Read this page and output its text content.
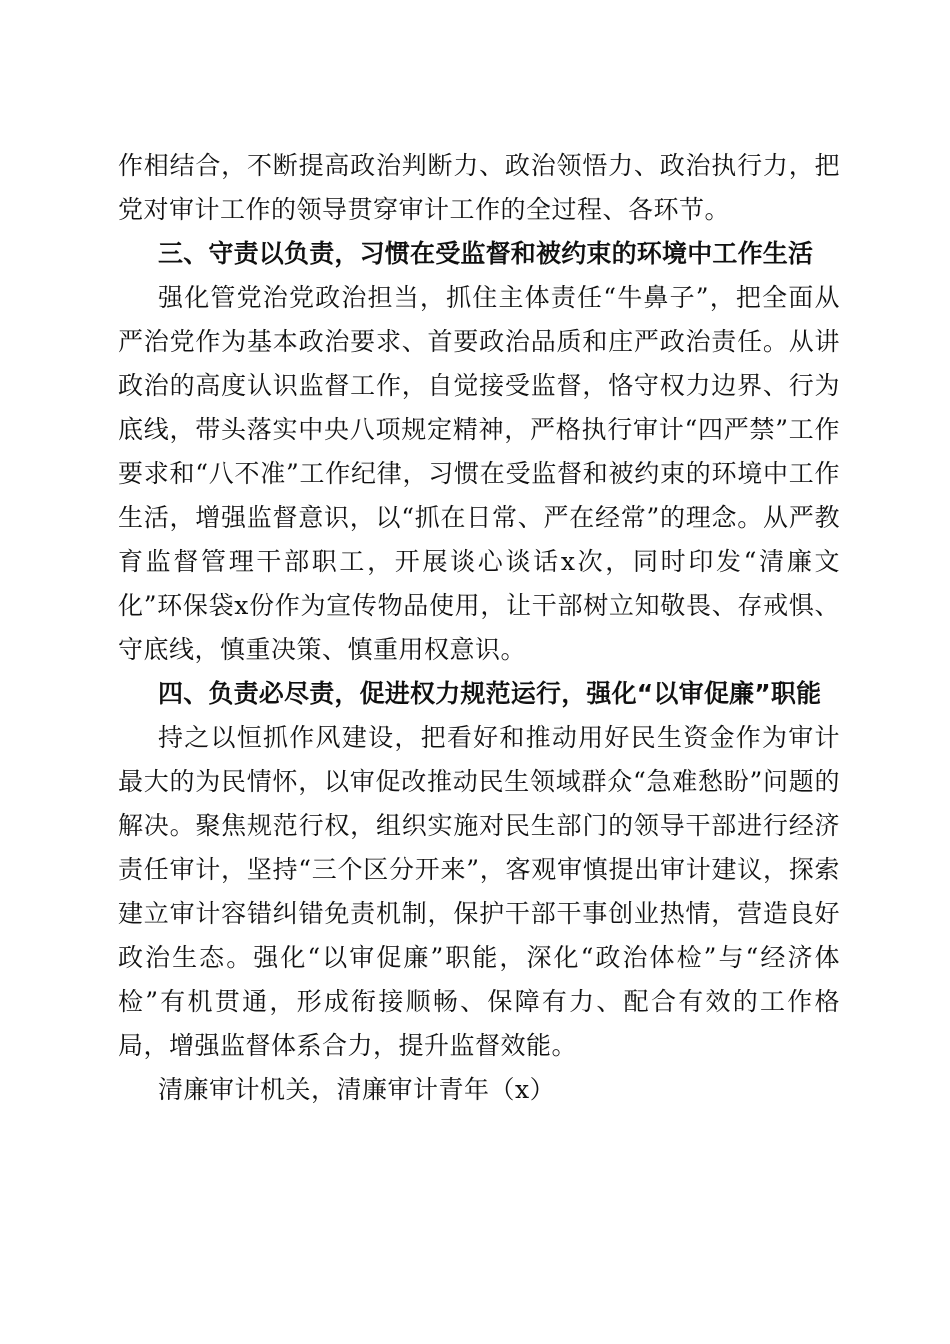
作相结合，不断提高政治判断力、政治领悟力、政治执行力，把党对审计工作的领导贯穿审计工作的全过程、各环节。

三、守责以负责，习惯在受监督和被约束的环境中工作生活

强化管党治党政治担当，抓住主体责任“牛鼻子”，把全面从严治党作为基本政治要求、首要政治品质和庄严政治责任。从讲政治的高度认识监督工作，自觉接受监督，恪守权力边界、行为底线，带头落实中央八项规定精神，严格执行审计“四严禁”工作要求和“八不准”工作纪律，习惯在受监督和被约束的环境中工作生活，增强监督意识，以“抓在日常、严在经常”的理念。从严教育监督管理干部职工，开展谈心谈话x次，同时印发“清廉文化”环保袋x份作为宣传物品使用，让干部树立知敬畏、存戒惧、守底线，慎重决策、慎重用权意识。

四、负责必尽责，促进权力规范运行，强化“以审促廉”职能

持之以恒抓作风建设，把看好和推动用好民生资金作为审计最大的为民情怀，以审促改推动民生领域群众“急难愁盼”问题的解决。聚焦规范行权，组织实施对民生部门的领导干部进行经济责任审计，坚持“三个区分开来”，客观审慎提出审计建议，探索建立审计容错纠错免责机制，保护干部干事创业热情，营造良好政治生态。强化“以审促廉”职能，深化“政治体检”与“经济体检”有机贯通，形成衔接顺畅、保障有力、配合有效的工作格局，增强监督体系合力，提升监督效能。

清廉审计机关，清廉审计青年（x）
